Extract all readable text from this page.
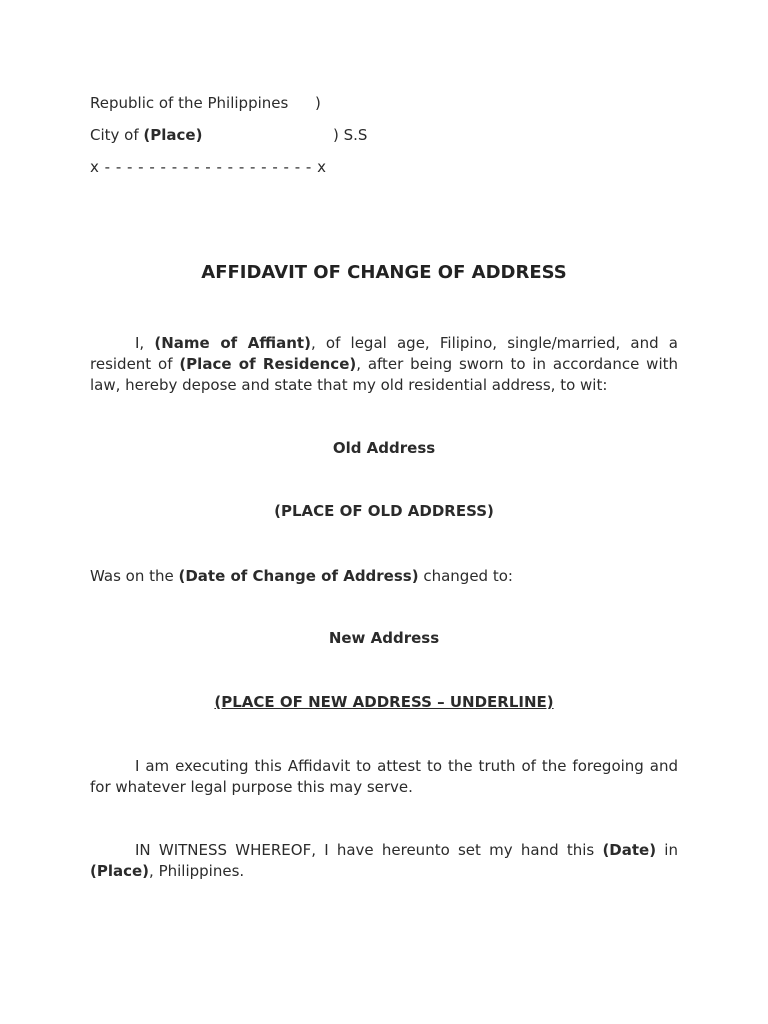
Republic of the Philippines )
City of (Place)	) S.S
x - - - - - - - - - - - - - - - - - - - x
AFFIDAVIT OF CHANGE OF ADDRESS
I, (Name of Affiant), of legal age, Filipino, single/married, and a resident of (Place of Residence), after being sworn to in accordance with law, hereby depose and state that my old residential address, to wit:
Old Address
(PLACE OF OLD ADDRESS)
Was on the (Date of Change of Address) changed to:
New Address
(PLACE OF NEW ADDRESS – UNDERLINE)
I am executing this Affidavit to attest to the truth of the foregoing and for whatever legal purpose this may serve.
IN WITNESS WHEREOF, I have hereunto set my hand this (Date) in (Place), Philippines.
